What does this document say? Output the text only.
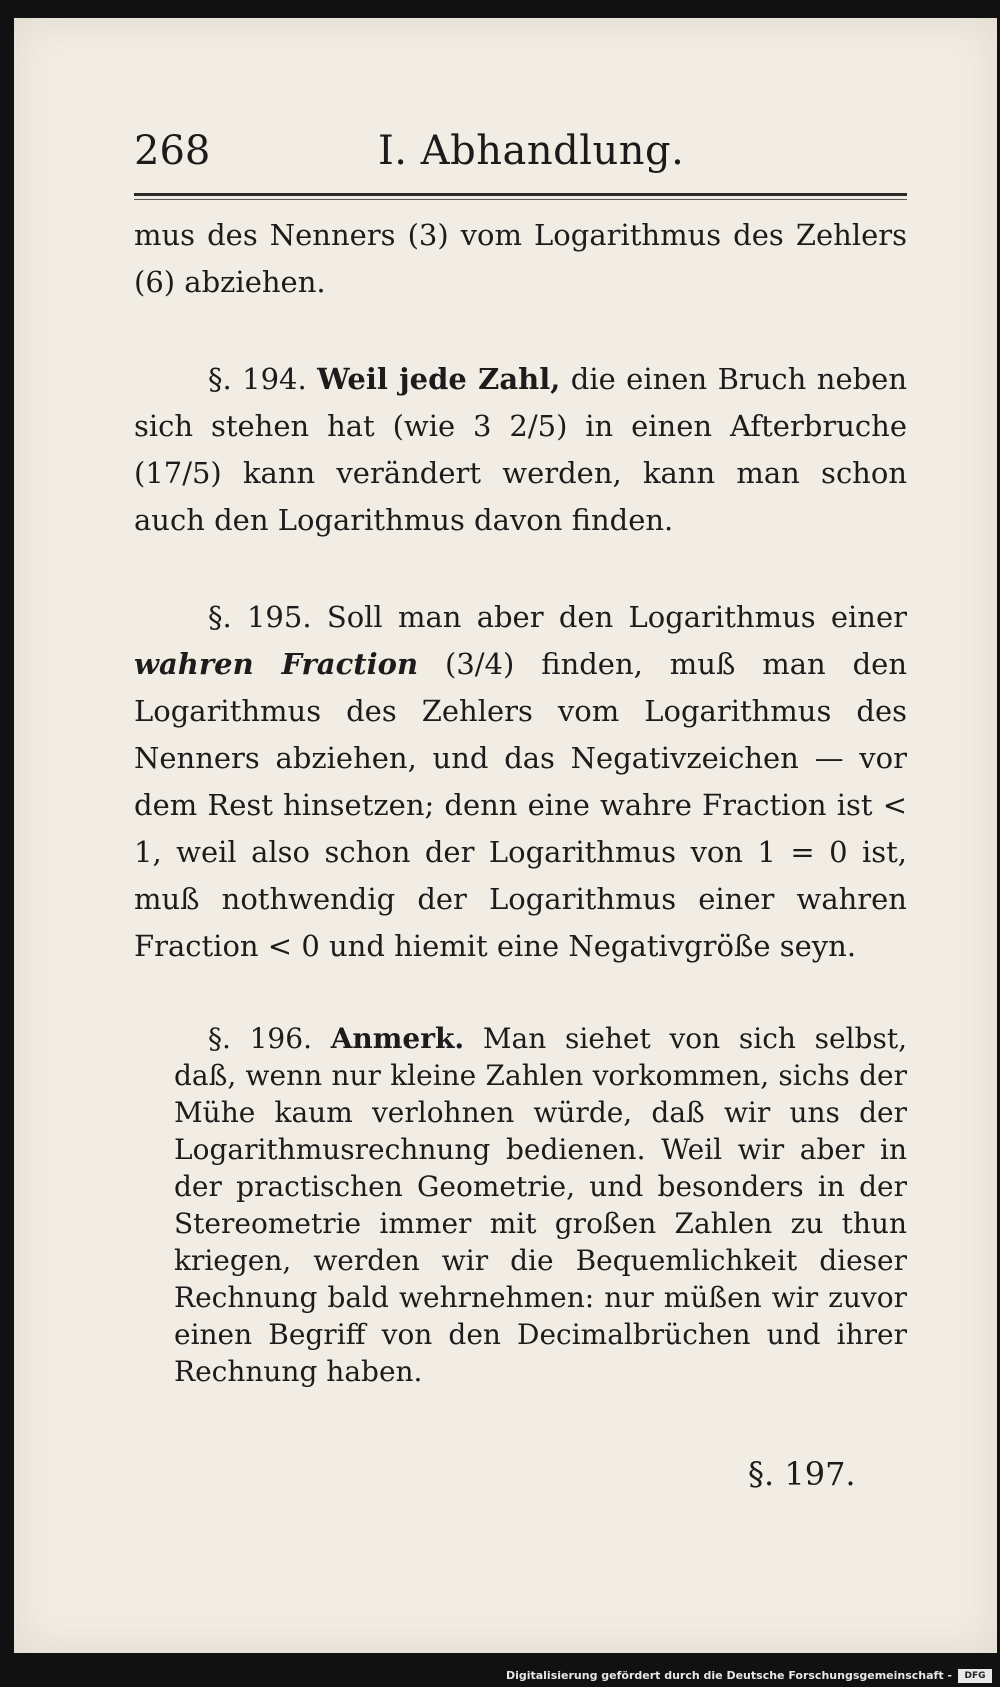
268	I. Abhandlung.

mus des Nenners (3) vom Logarithmus des Zehlers (6) abziehen.

§. 194. Weil jede Zahl, die einen Bruch neben sich stehen hat (wie 3 2/5) in einen Afterbruche (17/5) kann verändert werden, kann man schon auch den Logarithmus davon finden.

§. 195. Soll man aber den Logarithmus einer wahren Fraction (3/4) finden, muß man den Logarithmus des Zehlers vom Logarithmus des Nenners abziehen, und das Negativzeichen — vor dem Rest hinsetzen; denn eine wahre Fraction ist < 1, weil also schon der Logarithmus von 1 = 0 ist, muß nothwendig der Logarithmus einer wahren Fraction < 0 und hiemit eine Negativgröße seyn.

§. 196. Anmerk. Man siehet von sich selbst, daß, wenn nur kleine Zahlen vorkommen, sichs der Mühe kaum verlohnen würde, daß wir uns der Logarithmusrechnung bedienen. Weil wir aber in der practischen Geometrie, und besonders in der Stereometrie immer mit großen Zahlen zu thun kriegen, werden wir die Bequemlichkeit dieser Rechnung bald wehrnehmen: nur müßen wir zuvor einen Begriff von den Decimalbrüchen und ihrer Rechnung haben.

§. 197.
Digitalisierung gefördert durch die Deutsche Forschungsgemeinschaft -	DFG
